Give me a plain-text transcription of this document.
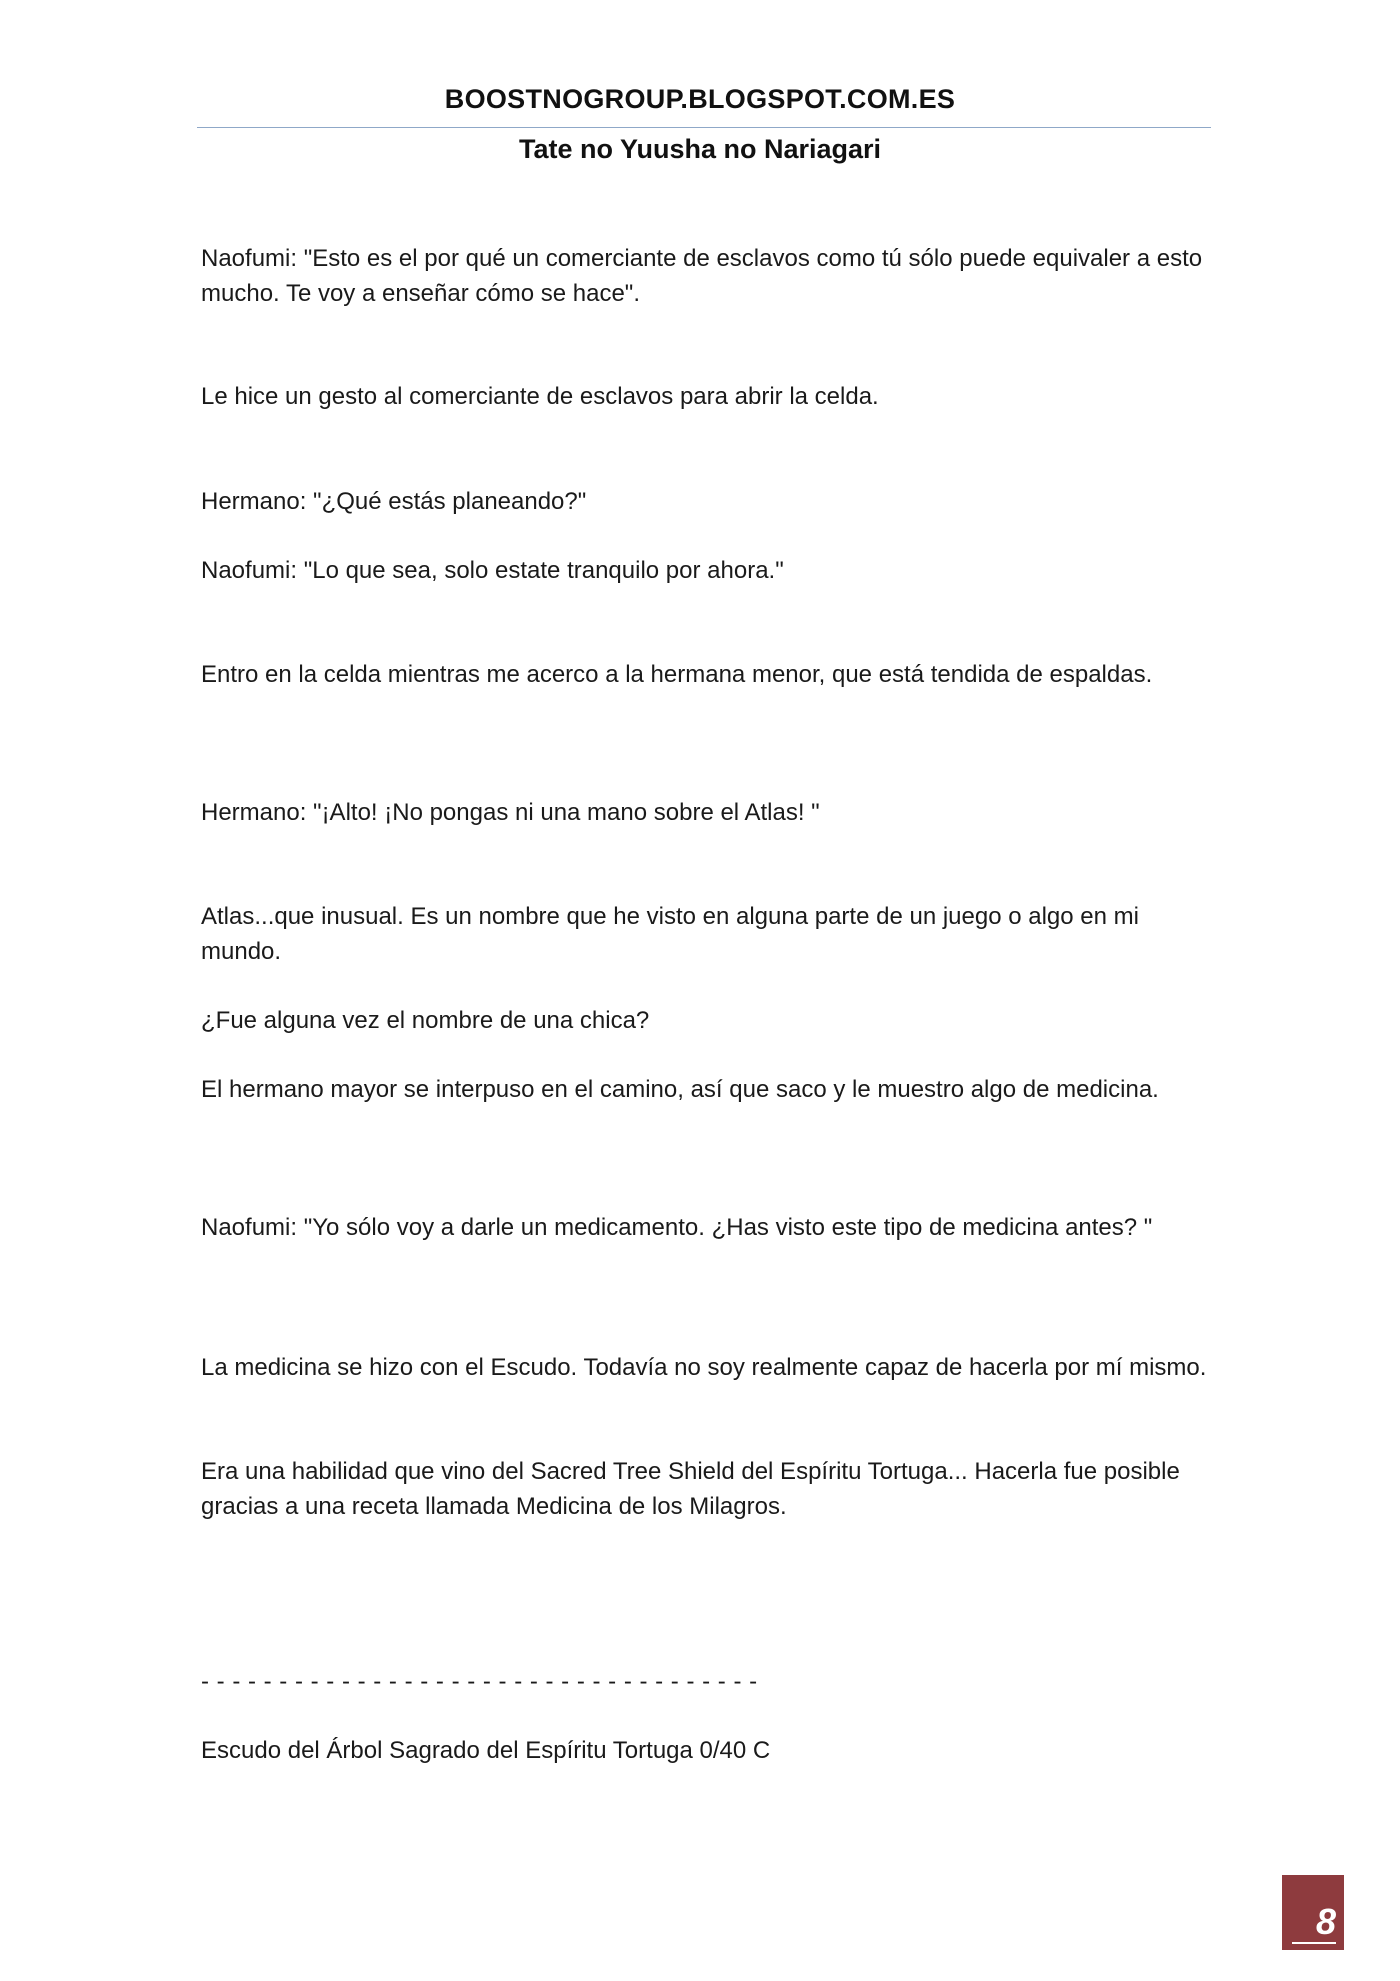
BOOSTNOGROUP.BLOGSPOT.COM.ES
Tate no Yuusha no Nariagari

Naofumi: "Esto es el por qué un comerciante de esclavos como tú sólo puede equivaler a esto mucho. Te voy a enseñar cómo se hace".

Le hice un gesto al comerciante de esclavos para abrir la celda.

Hermano: "¿Qué estás planeando?"

Naofumi: "Lo que sea, solo estate tranquilo por ahora."

Entro en la celda mientras me acerco a la hermana menor, que está tendida de espaldas.

Hermano: "¡Alto! ¡No pongas ni una mano sobre el Atlas! "

Atlas...que inusual. Es un nombre que he visto en alguna parte de un juego o algo en mi mundo.

¿Fue alguna vez el nombre de una chica?

El hermano mayor se interpuso en el camino, así que saco y le muestro algo de medicina.

Naofumi: "Yo sólo voy a darle un medicamento. ¿Has visto este tipo de medicina antes? "

La medicina se hizo con el Escudo. Todavía no soy realmente capaz de hacerla por mí mismo.

Era una habilidad que vino del Sacred Tree Shield del Espíritu Tortuga... Hacerla fue posible gracias a una receta llamada Medicina de los Milagros.

- - - - - - - - - - - - - - - - - - - - - - - - - - - - - - - - - - - -

Escudo del Árbol Sagrado del Espíritu Tortuga 0/40 C

8
